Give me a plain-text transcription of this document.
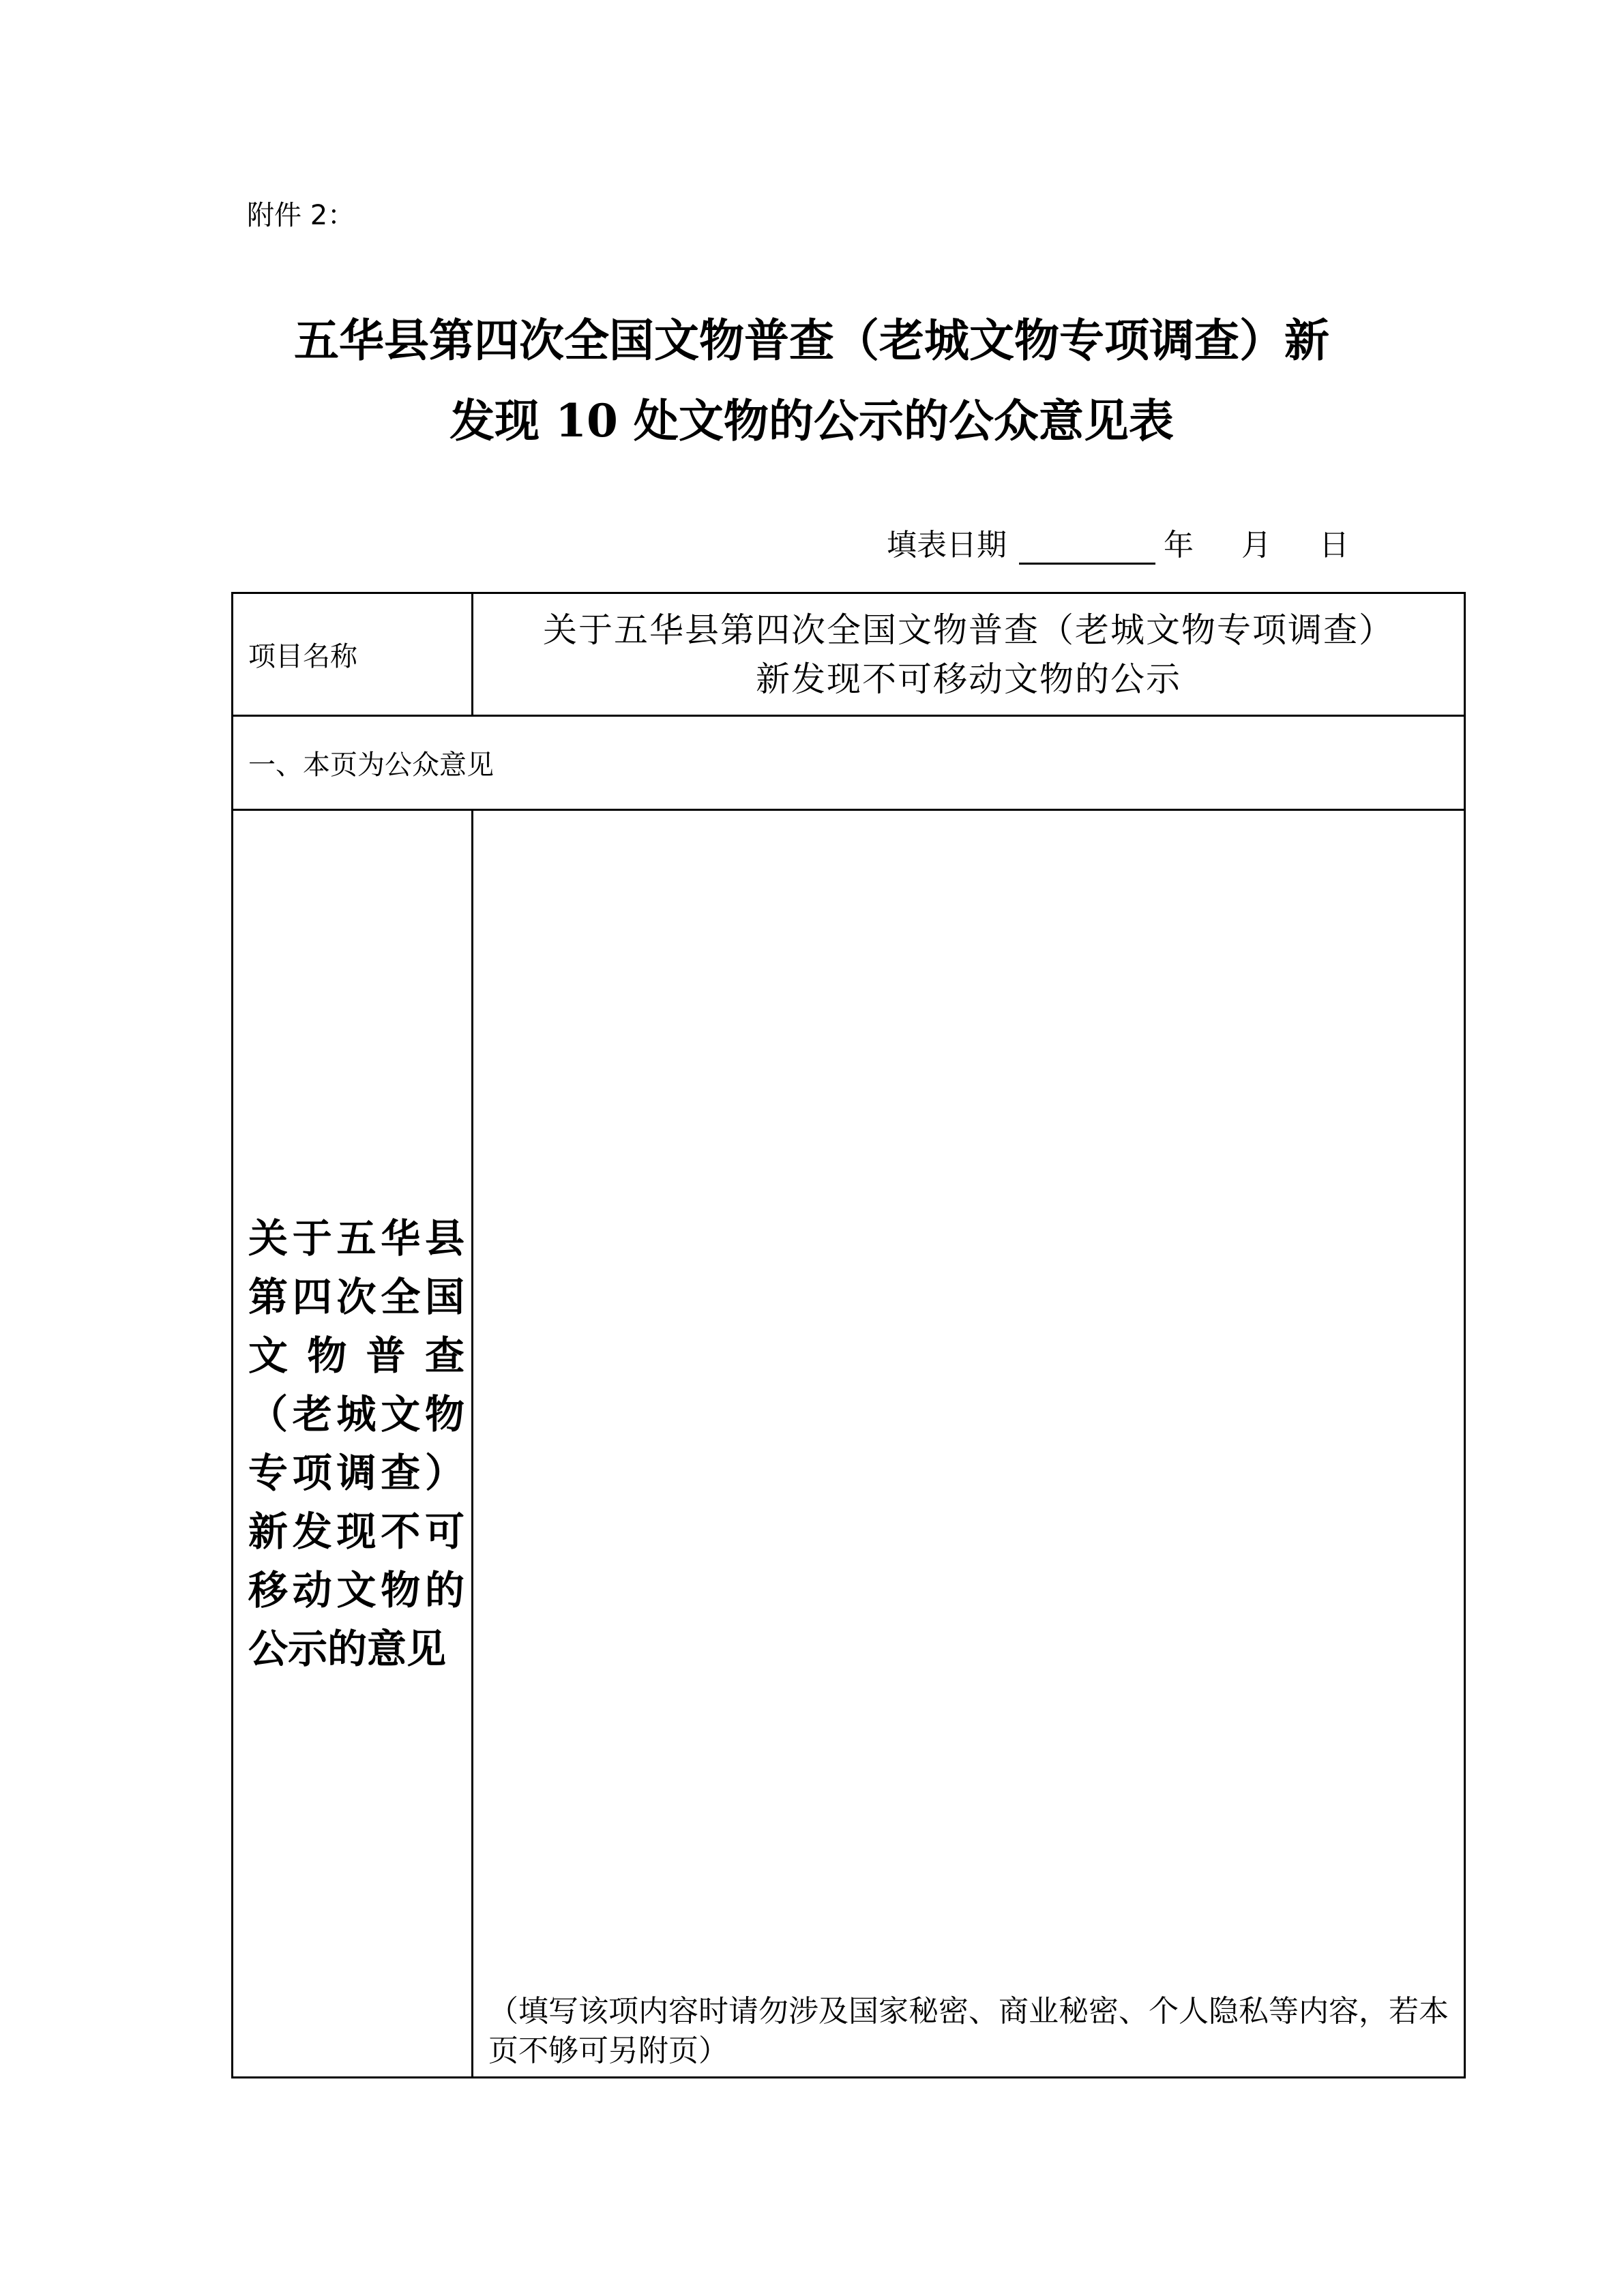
附件 2：
五华县第四次全国文物普查（老城文物专项调查）新
发现 10 处文物的公示的公众意见表
填表日期	年 月 日
项目名称	关于五华县第四次全国文物普查（老城文物专项调查）
新发现不可移动文物的公示

一、本页为公众意见	
关于五华县第四次全国文物普查（老城文物专项调查）新发现不可移动文物的公示的意见	（填写该项内容时请勿涉及国家秘密、商业秘密、个人隐私等内容，若本页不够可另附页）
